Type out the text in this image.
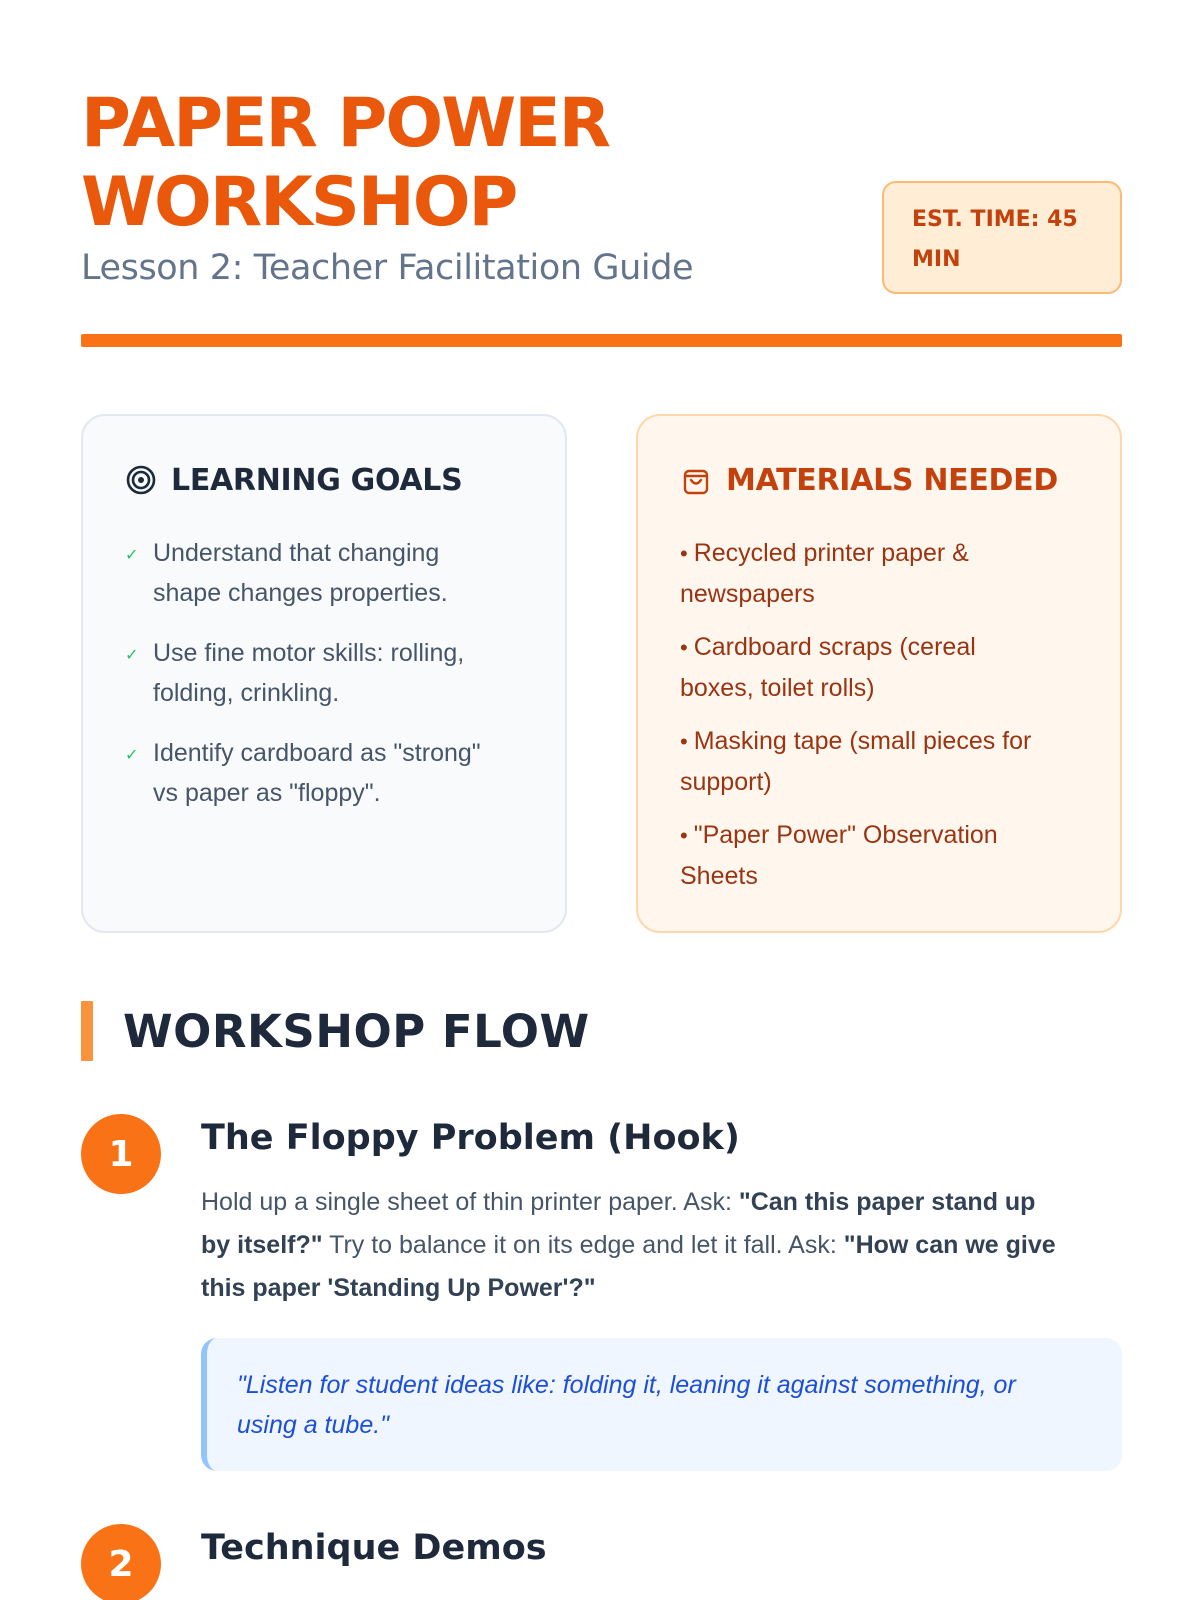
PAPER POWER
WORKSHOP
Lesson 2: Teacher Facilitation Guide
EST. TIME: 45
MIN
LEARNING GOALS
✓ Understand that changing
shape changes properties.
✓ Use fine motor skills: rolling,
folding, crinkling.
✓ Identify cardboard as "strong"
vs paper as "floppy".
MATERIALS NEEDED
• Recycled printer paper &
newspapers
• Cardboard scraps (cereal
boxes, toilet rolls)
• Masking tape (small pieces for
support)
• "Paper Power" Observation
Sheets
WORKSHOP FLOW
1	The Floppy Problem (Hook)
Hold up a single sheet of thin printer paper. Ask: "Can this paper stand up
by itself?" Try to balance it on its edge and let it fall. Ask: "How can we give
this paper 'Standing Up Power'?"
"Listen for student ideas like: folding it, leaning it against something, or
using a tube."
2	Technique Demos
